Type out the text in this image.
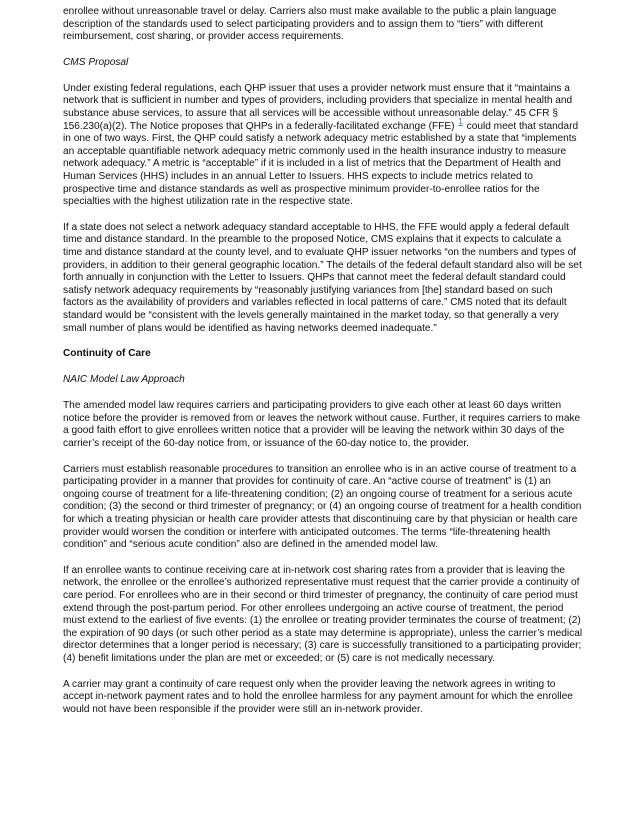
enrollee without unreasonable travel or delay. Carriers also must make available to the public a plain language description of the standards used to select participating providers and to assign them to “tiers” with different reimbursement, cost sharing, or provider access requirements.

CMS Proposal

Under existing federal regulations, each QHP issuer that uses a provider network must ensure that it “maintains a network that is sufficient in number and types of providers, including providers that specialize in mental health and substance abuse services, to assure that all services will be accessible without unreasonable delay.” 45 CFR § 156.230(a)(2). The Notice proposes that QHPs in a federally-facilitated exchange (FFE) $^1$ could meet that standard in one of two ways. First, the QHP could satisfy a network adequacy metric established by a state that “implements an acceptable quantifiable network adequacy metric commonly used in the health insurance industry to measure network adequacy.” A metric is “acceptable” if it is included in a list of metrics that the Department of Health and Human Services (HHS) includes in an annual Letter to Issuers. HHS expects to include metrics related to prospective time and distance standards as well as prospective minimum provider-to-enrollee ratios for the specialties with the highest utilization rate in the respective state.

If a state does not select a network adequacy standard acceptable to HHS, the FFE would apply a federal default time and distance standard. In the preamble to the proposed Notice, CMS explains that it expects to calculate a time and distance standard at the county level, and to evaluate QHP issuer networks “on the numbers and types of providers, in addition to their general geographic location.” The details of the federal default standard also will be set forth annually in conjunction with the Letter to Issuers. QHPs that cannot meet the federal default standard could satisfy network adequacy requirements by “reasonably justifying variances from [the] standard based on such factors as the availability of providers and variables reflected in local patterns of care.” CMS noted that its default standard would be “consistent with the levels generally maintained in the market today, so that generally a very small number of plans would be identified as having networks deemed inadequate.”

Continuity of Care

NAIC Model Law Approach

The amended model law requires carriers and participating providers to give each other at least 60 days written notice before the provider is removed from or leaves the network without cause. Further, it requires carriers to make a good faith effort to give enrollees written notice that a provider will be leaving the network within 30 days of the carrier’s receipt of the 60-day notice from, or issuance of the 60-day notice to, the provider.

Carriers must establish reasonable procedures to transition an enrollee who is in an active course of treatment to a participating provider in a manner that provides for continuity of care. An “active course of treatment” is (1) an ongoing course of treatment for a life-threatening condition; (2) an ongoing course of treatment for a serious acute condition; (3) the second or third trimester of pregnancy; or (4) an ongoing course of treatment for a health condition for which a treating physician or health care provider attests that discontinuing care by that physician or health care provider would worsen the condition or interfere with anticipated outcomes. The terms “life-threatening health condition” and “serious acute condition” also are defined in the amended model law.

If an enrollee wants to continue receiving care at in-network cost sharing rates from a provider that is leaving the network, the enrollee or the enrollee’s authorized representative must request that the carrier provide a continuity of care period. For enrollees who are in their second or third trimester of pregnancy, the continuity of care period must extend through the post-partum period. For other enrollees undergoing an active course of treatment, the period must extend to the earliest of five events: (1) the enrollee or treating provider terminates the course of treatment; (2) the expiration of 90 days (or such other period as a state may determine is appropriate), unless the carrier’s medical director determines that a longer period is necessary; (3) care is successfully transitioned to a participating provider; (4) benefit limitations under the plan are met or exceeded; or (5) care is not medically necessary.

A carrier may grant a continuity of care request only when the provider leaving the network agrees in writing to accept in-network payment rates and to hold the enrollee harmless for any payment amount for which the enrollee would not have been responsible if the provider were still an in-network provider.
